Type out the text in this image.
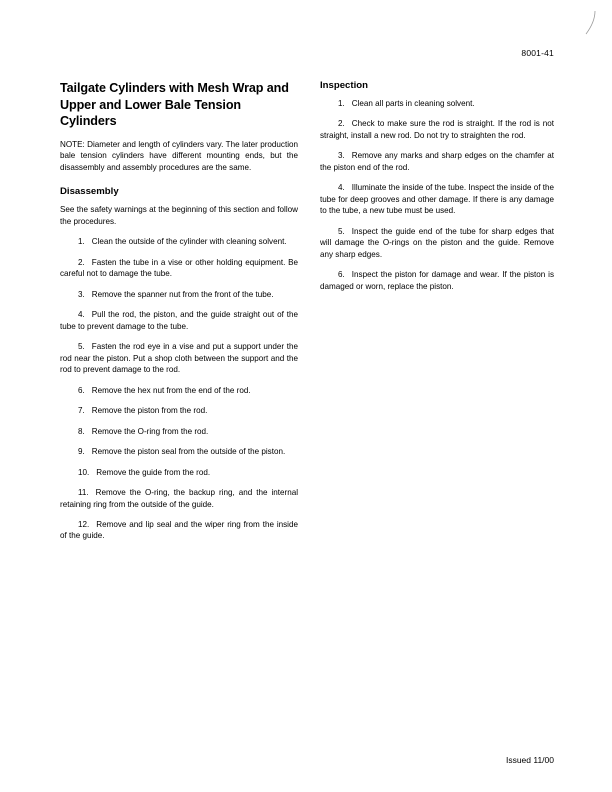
8001-41
Tailgate Cylinders with Mesh Wrap and Upper and Lower Bale Tension Cylinders

NOTE: Diameter and length of cylinders vary. The later production bale tension cylinders have different mounting ends, but the disassembly and assembly procedures are the same.

Disassembly

See the safety warnings at the beginning of this section and follow the procedures.

1. Clean the outside of the cylinder with cleaning solvent.

2. Fasten the tube in a vise or other holding equipment. Be careful not to damage the tube.

3. Remove the spanner nut from the front of the tube.

4. Pull the rod, the piston, and the guide straight out of the tube to prevent damage to the tube.

5. Fasten the rod eye in a vise and put a support under the rod near the piston. Put a shop cloth between the support and the rod to prevent damage to the rod.

6. Remove the hex nut from the end of the rod.

7. Remove the piston from the rod.

8. Remove the O-ring from the rod.

9. Remove the piston seal from the outside of the piston.

10. Remove the guide from the rod.

11. Remove the O-ring, the backup ring, and the internal retaining ring from the outside of the guide.

12. Remove and lip seal and the wiper ring from the inside of the guide.

Inspection

1. Clean all parts in cleaning solvent.

2. Check to make sure the rod is straight. If the rod is not straight, install a new rod. Do not try to straighten the rod.

3. Remove any marks and sharp edges on the chamfer at the piston end of the rod.

4. Illuminate the inside of the tube. Inspect the inside of the tube for deep grooves and other damage. If there is any damage to the tube, a new tube must be used.

5. Inspect the guide end of the tube for sharp edges that will damage the O-rings on the piston and the guide. Remove any sharp edges.

6. Inspect the piston for damage and wear. If the piston is damaged or worn, replace the piston.

Issued 11/00
